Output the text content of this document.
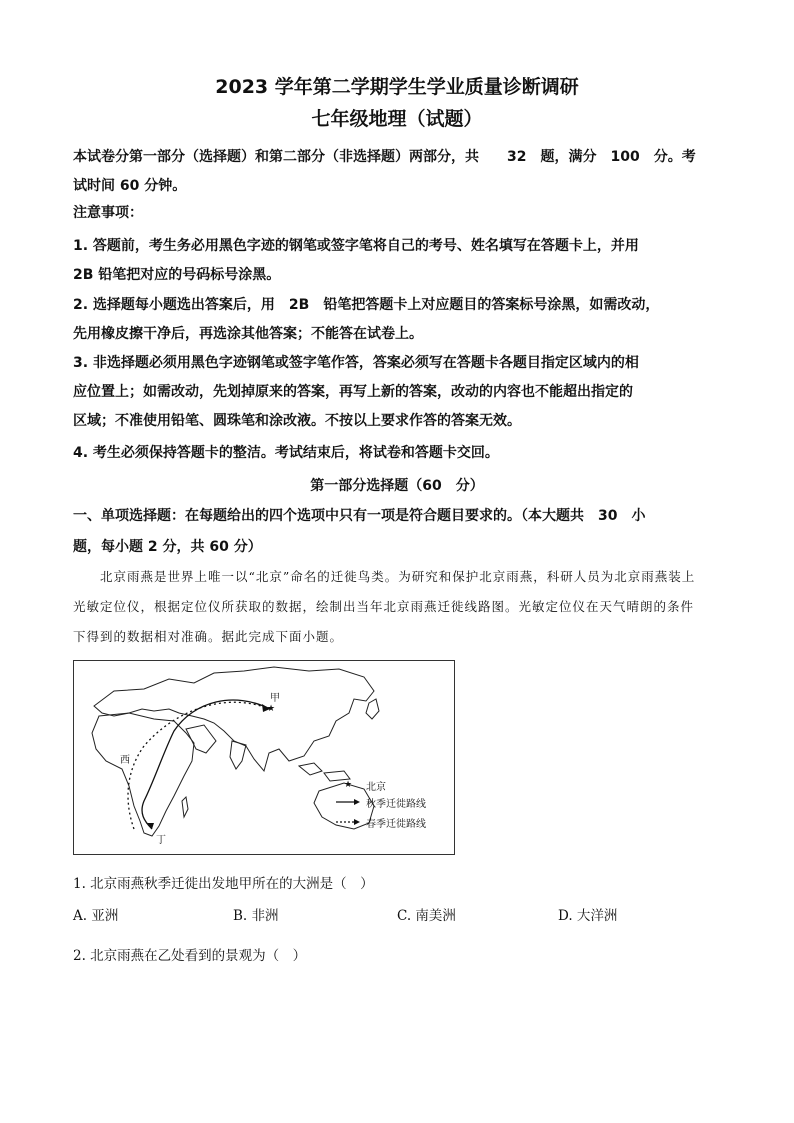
2023 学年第二学期学生学业质量诊断调研
七年级地理（试题）
本试卷分第一部分（选择题）和第二部分（非选择题）两部分，共　　32　题，满分　100　分。考
试时间 60 分钟。
注意事项：
1. 答题前，考生务必用黑色字迹的钢笔或签字笔将自己的考号、姓名填写在答题卡上，并用
2B 铅笔把对应的号码标号涂黑。
2. 选择题每小题选出答案后，用　2B　铅笔把答题卡上对应题目的答案标号涂黑，如需改动，
先用橡皮擦干净后，再选涂其他答案；不能答在试卷上。
3. 非选择题必须用黑色字迹钢笔或签字笔作答，答案必须写在答题卡各题目指定区域内的相
应位置上；如需改动，先划掉原来的答案，再写上新的答案，改动的内容也不能超出指定的
区域；不准使用铅笔、圆珠笔和涂改液。不按以上要求作答的答案无效。
4. 考生必须保持答题卡的整洁。考试结束后，将试卷和答题卡交回。
第一部分选择题（60　分）
一、单项选择题：在每题给出的四个选项中只有一项是符合题目要求的。（本大题共　30　小
题，每小题 2 分，共 60 分）
北京雨燕是世界上唯一以“北京”命名的迁徙鸟类。为研究和保护北京雨燕，科研人员为北京雨燕装上
光敏定位仪，根据定位仪所获取的数据，绘制出当年北京雨燕迁徙线路图。光敏定位仪在天气晴朗的条件
下得到的数据相对准确。据此完成下面小题。
★
★
甲
西
丁
北京
秋季迁徙路线
春季迁徙路线
1. 北京雨燕秋季迁徙出发地甲所在的大洲是（　）
A. 亚洲	B. 非洲	C. 南美洲	D. 大洋洲
2. 北京雨燕在乙处看到的景观为（　）
